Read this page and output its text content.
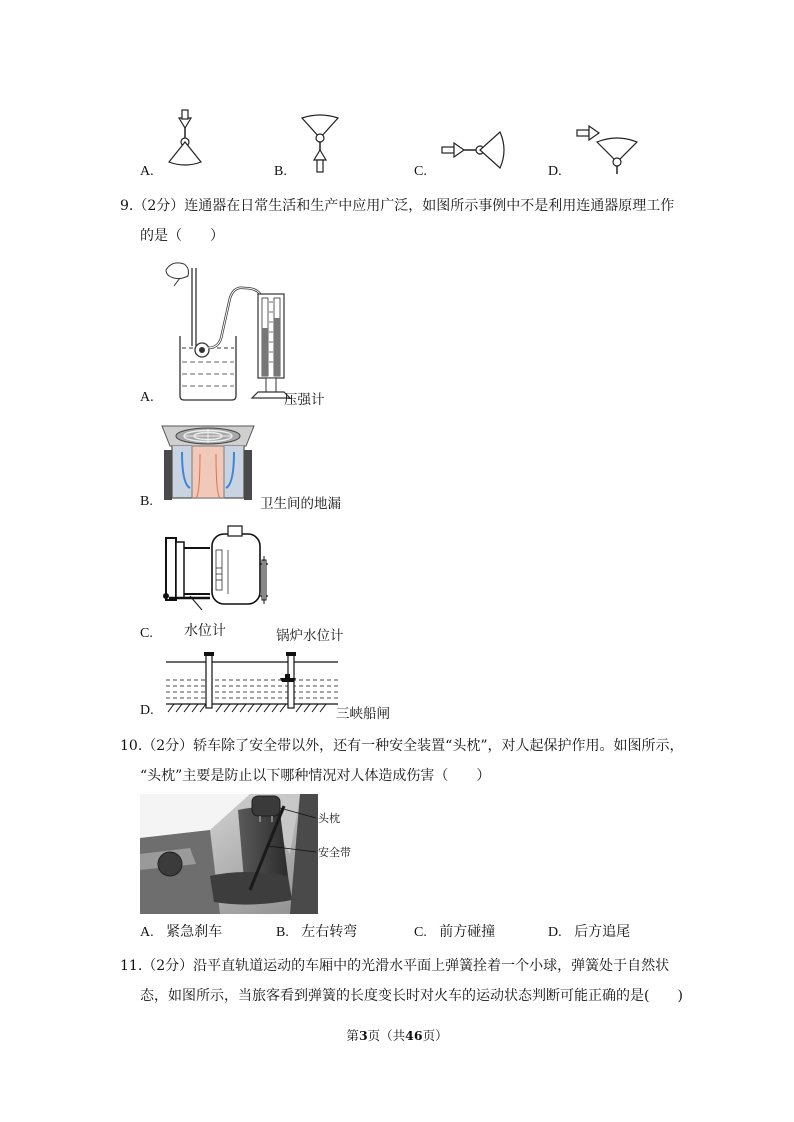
A.	B.	C.	D.
9.（2分）连通器在日常生活和生产中应用广泛，如图所示事例中不是利用连通器原理工作
的是（　　）
A.	压强计
B.	卫生间的地漏
C. 水位计	锅炉水位计
D.	三峡船闸
10.（2分）轿车除了安全带以外，还有一种安全装置“头枕”，对人起保护作用。如图所示，
“头枕”主要是防止以下哪种情况对人体造成伤害（　　）
头枕
安全带
A. 紧急刹车	B. 左右转弯	C. 前方碰撞	D. 后方追尾
11.（2分）沿平直轨道运动的车厢中的光滑水平面上弹簧拴着一个小球，弹簧处于自然状
态，如图所示，当旅客看到弹簧的长度变长时对火车的运动状态判断可能正确的是(　　)
第3页（共46页）
